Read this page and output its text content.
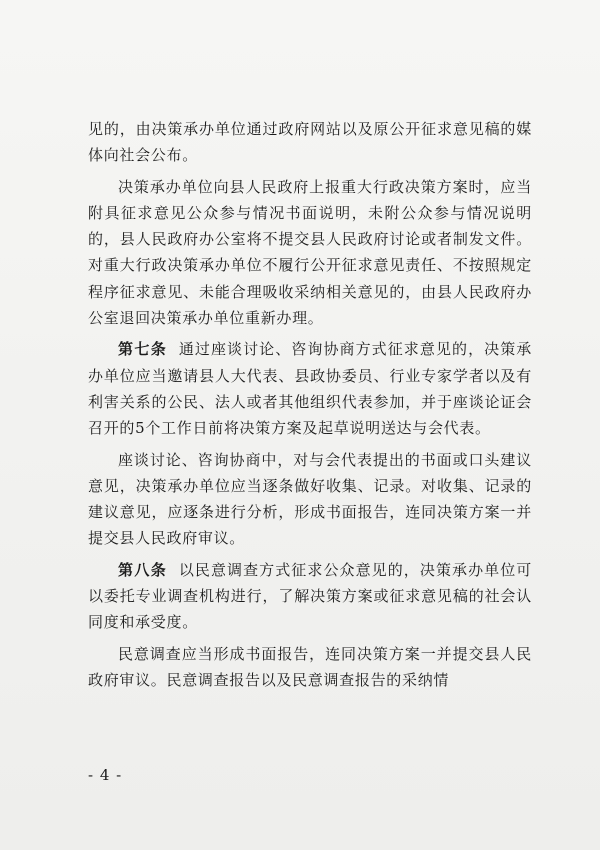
见的，由决策承办单位通过政府网站以及原公开征求意见稿的媒体向社会公布。

决策承办单位向县人民政府上报重大行政决策方案时，应当附具征求意见公众参与情况书面说明，未附公众参与情况说明的，县人民政府办公室将不提交县人民政府讨论或者制发文件。对重大行政决策承办单位不履行公开征求意见责任、不按照规定程序征求意见、未能合理吸收采纳相关意见的，由县人民政府办公室退回决策承办单位重新办理。

第七条 通过座谈讨论、咨询协商方式征求意见的，决策承办单位应当邀请县人大代表、县政协委员、行业专家学者以及有利害关系的公民、法人或者其他组织代表参加，并于座谈论证会召开的5个工作日前将决策方案及起草说明送达与会代表。

座谈讨论、咨询协商中，对与会代表提出的书面或口头建议意见，决策承办单位应当逐条做好收集、记录。对收集、记录的建议意见，应逐条进行分析，形成书面报告，连同决策方案一并提交县人民政府审议。

第八条 以民意调查方式征求公众意见的，决策承办单位可以委托专业调查机构进行，了解决策方案或征求意见稿的社会认同度和承受度。

民意调查应当形成书面报告，连同决策方案一并提交县人民政府审议。民意调查报告以及民意调查报告的采纳情

- 4 -
